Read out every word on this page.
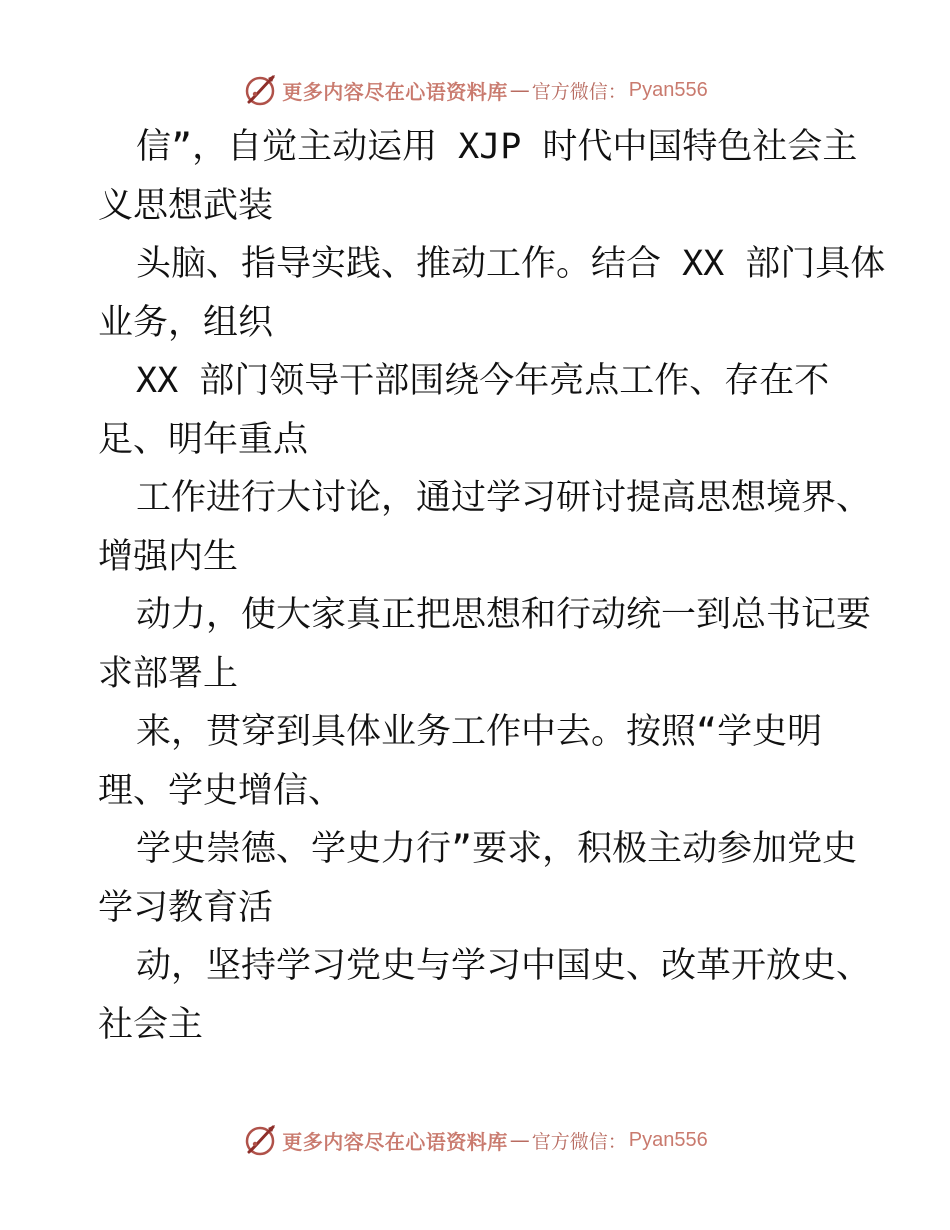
更多内容尽在心语资料库 — 官方微信： Pyan556
信”，自觉主动运用 XJP 时代中国特色社会主
义思想武装
头脑、指导实践、推动工作。结合 XX 部门具体
业务，组织
XX 部门领导干部围绕今年亮点工作、存在不
足、明年重点
工作进行大讨论，通过学习研讨提高思想境界、
增强内生
动力，使大家真正把思想和行动统一到总书记要
求部署上
来，贯穿到具体业务工作中去。按照“学史明
理、学史增信、
学史崇德、学史力行”要求，积极主动参加党史
学习教育活
动，坚持学习党史与学习中国史、改革开放史、
社会主
更多内容尽在心语资料库 — 官方微信： Pyan556
